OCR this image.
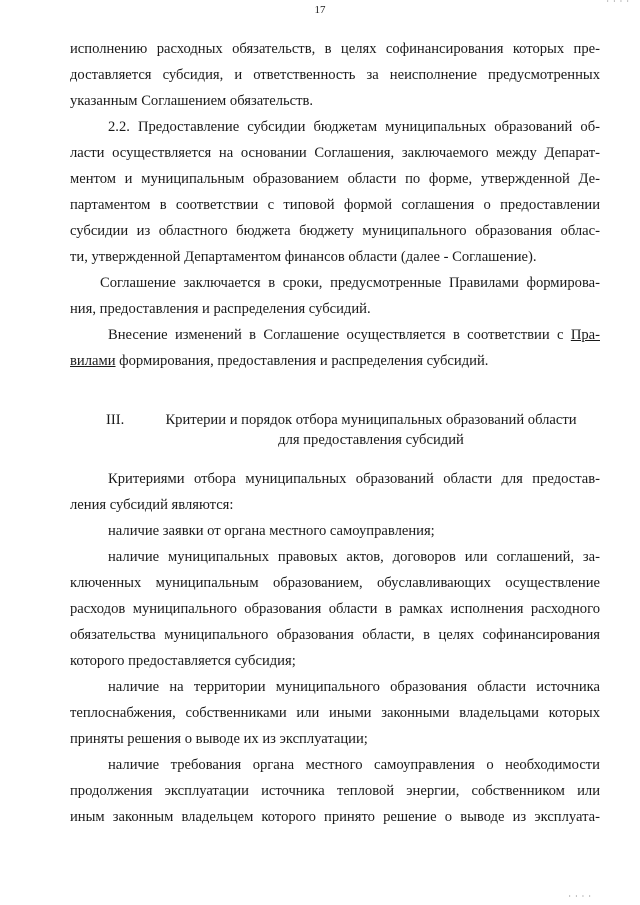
· · · ·
17
исполнению расходных обязательств, в целях софинансирования которых пре-
доставляется субсидия, и ответственность за неисполнение предусмотренных
указанным Соглашением обязательств.
2.2. Предоставление субсидии бюджетам муниципальных образований об-
ласти осуществляется на основании Соглашения, заключаемого между Депарат-
ментом и муниципальным образованием области по форме, утвержденной Де-
партаментом в соответствии с типовой формой соглашения о предоставлении
субсидии из областного бюджета бюджету муниципального образования облас-
ти, утвержденной Департаментом финансов области (далее - Соглашение).
Соглашение заключается в сроки, предусмотренные Правилами формирова-
ния, предоставления и распределения субсидий.
Внесение изменений в Соглашение осуществляется в соответствии с Пра-
вилами формирования, предоставления и распределения субсидий.
III.	Критерии и порядок отбора муниципальных образований области
для предоставления субсидий
Критериями отбора муниципальных образований области для предостав-
ления субсидий являются:
наличие заявки от органа местного самоуправления;
наличие муниципальных правовых актов, договоров или соглашений, за-
ключенных муниципальным образованием, обуславливающих осуществление
расходов муниципального образования области в рамках исполнения расходного
обязательства муниципального образования области, в целях софинансирования
которого предоставляется субсидия;
наличие на территории муниципального образования области источника
теплоснабжения, собственниками или иными законными владельцами которых
приняты решения о выводе их из эксплуатации;
наличие требования органа местного самоуправления о необходимости
продолжения эксплуатации источника тепловой энергии, собственником или
иным законным владельцем которого принято решение о выводе из эксплуата-
· · · ·
